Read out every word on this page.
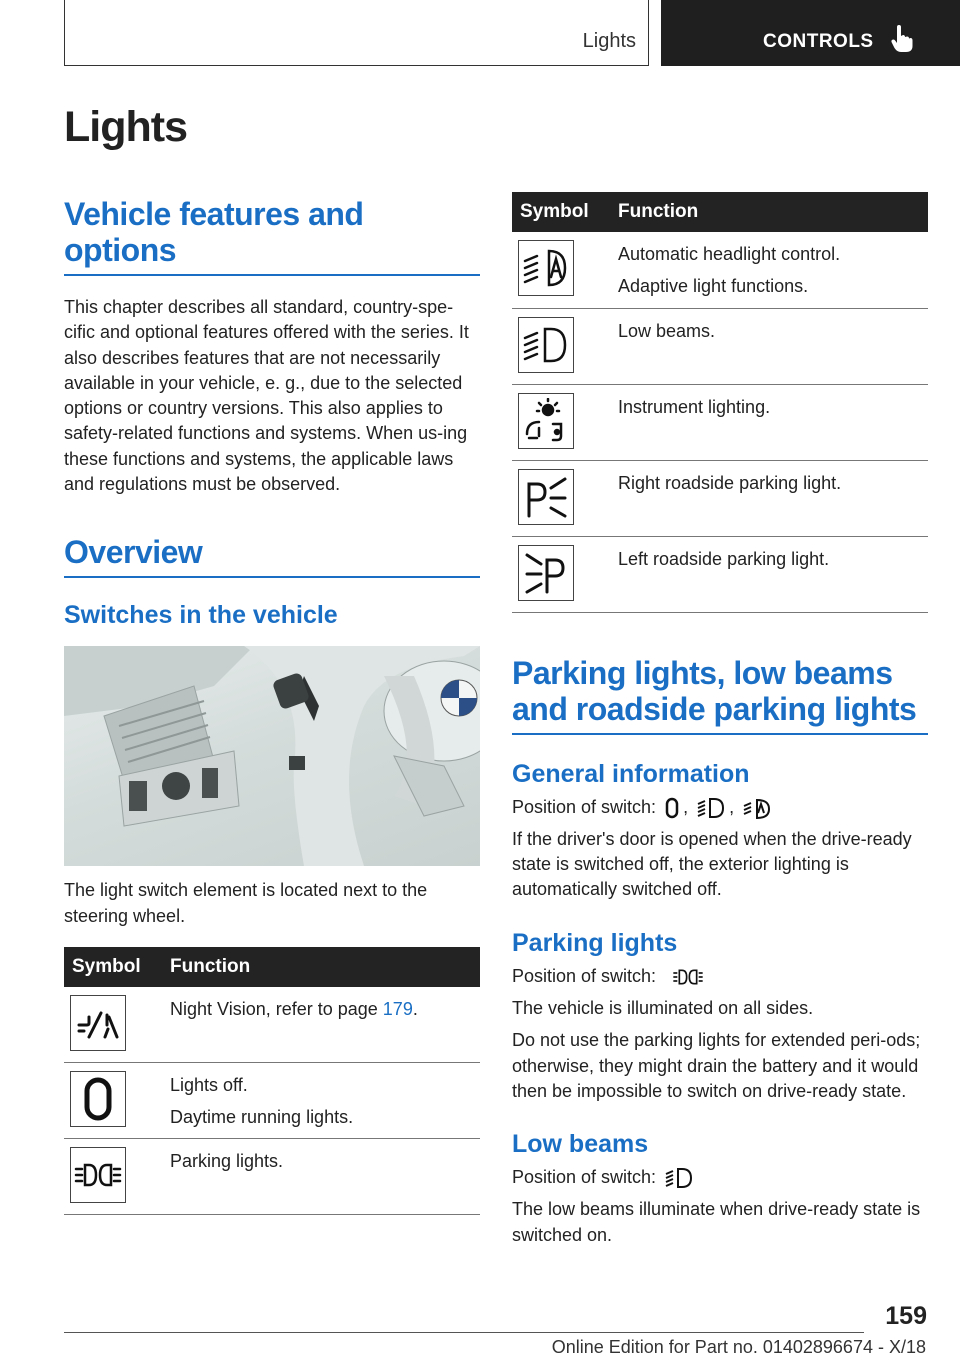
Lights	CONTROLS
Lights
Vehicle features and options
This chapter describes all standard, country-spe-cific and optional features offered with the series. It also describes features that are not necessarily available in your vehicle, e. g., due to the selected options or country versions. This also applies to safety-related functions and systems. When us-ing these functions and systems, the applicable laws and regulations must be observed.
Overview
Switches in the vehicle
The light switch element is located next to the steering wheel.
Symbol	Function

	Night Vision, refer to page 179.

Lights off.
Daytime running lights.

Parking lights.
Symbol	Function

Automatic headlight control.
Adaptive light functions.

Low beams.

Instrument lighting.

Right roadside parking light.

Left roadside parking light.
Parking lights, low beams and roadside parking lights
General information
Position of switch: , ,
If the driver's door is opened when the drive-ready state is switched off, the exterior lighting is automatically switched off.
Parking lights
Position of switch:
The vehicle is illuminated on all sides.
Do not use the parking lights for extended peri-ods; otherwise, they might drain the battery and it would then be impossible to switch on drive-ready state.
Low beams
Position of switch:
The low beams illuminate when drive-ready state is switched on.
159
Online Edition for Part no. 01402896674 - X/18
